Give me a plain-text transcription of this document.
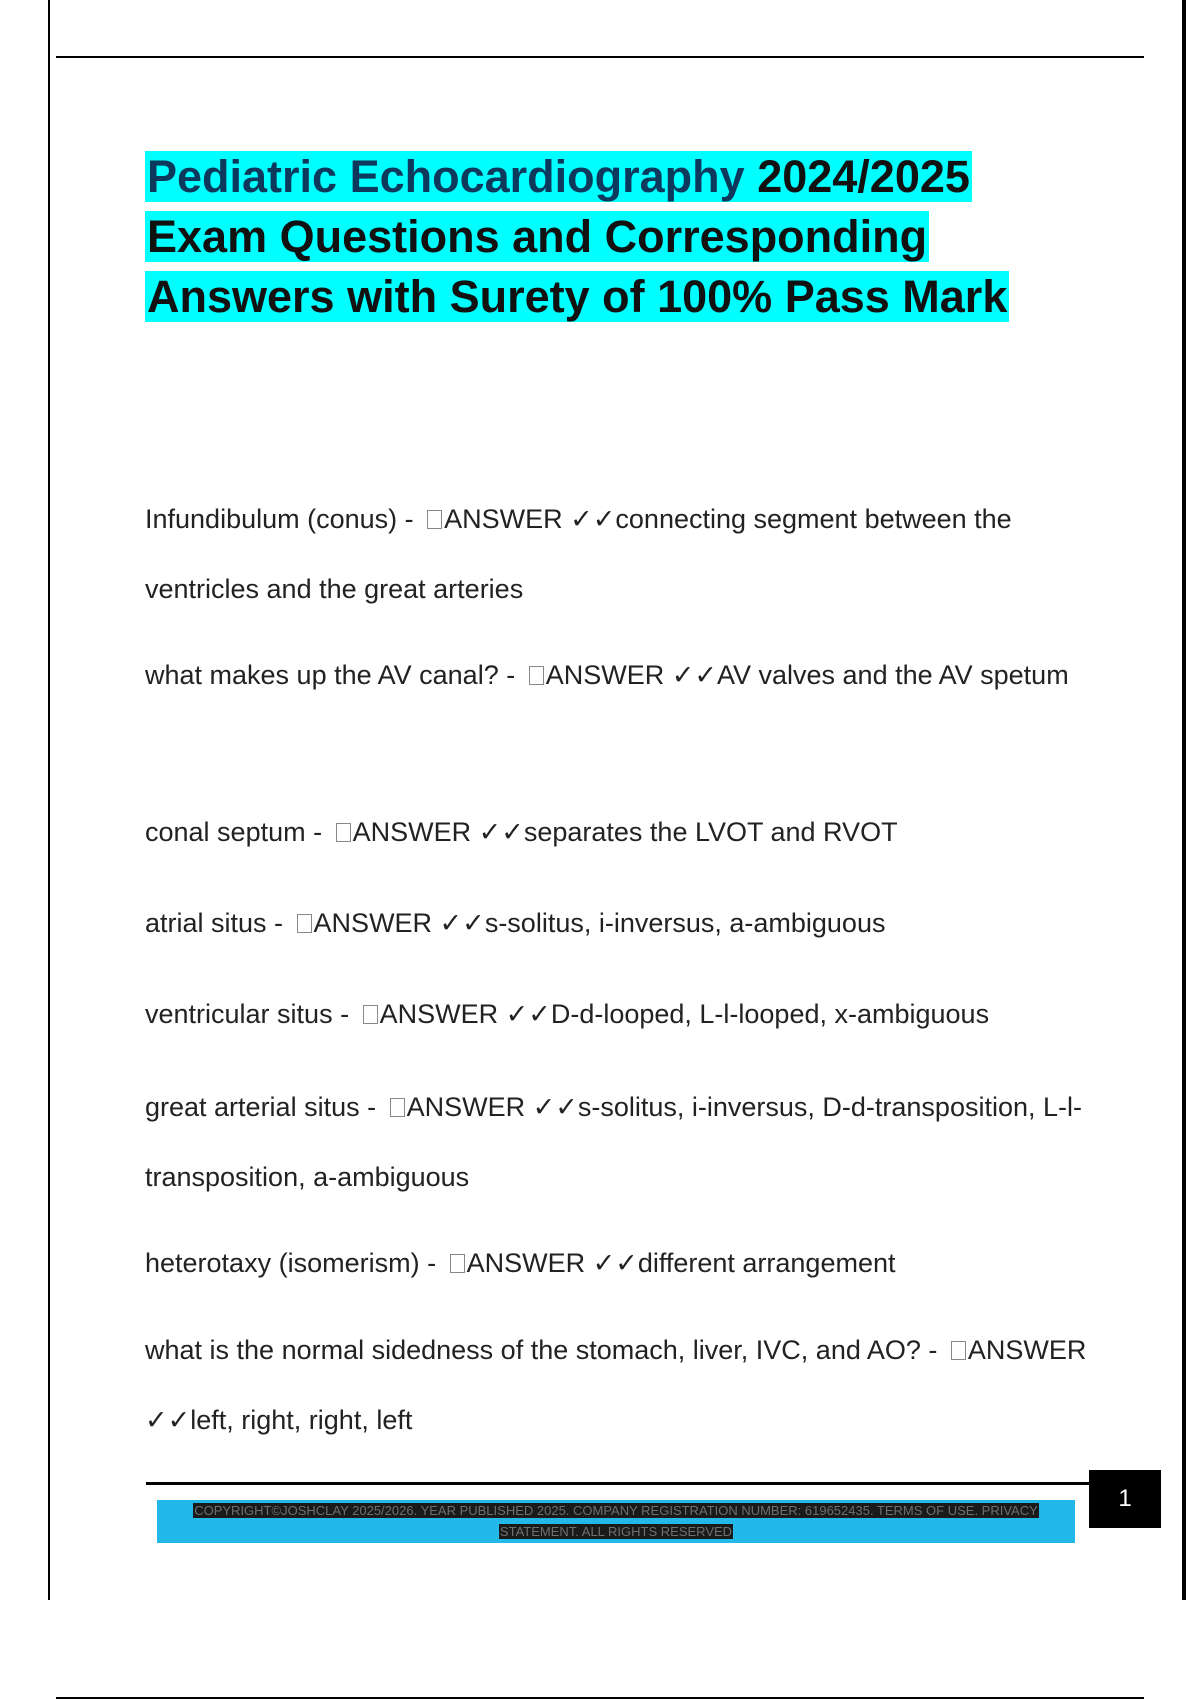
Pediatric Echocardiography 2024/2025
Exam Questions and Corresponding
Answers with Surety of 100% Pass Mark

Infundibulum (conus) - ANSWER ✓✓connecting segment between the ventricles and the great arteries

what makes up the AV canal? - ANSWER ✓✓AV valves and the AV spetum

conal septum - ANSWER ✓✓separates the LVOT and RVOT

atrial situs - ANSWER ✓✓s-solitus, i-inversus, a-ambiguous

ventricular situs - ANSWER ✓✓D-d-looped, L-l-looped, x-ambiguous

great arterial situs - ANSWER ✓✓s-solitus, i-inversus, D-d-transposition, L-l-transposition, a-ambiguous

heterotaxy (isomerism) - ANSWER ✓✓different arrangement

what is the normal sidedness of the stomach, liver, IVC, and AO? - ANSWER ✓✓left, right, right, left

COPYRIGHT©JOSHCLAY 2025/2026. YEAR PUBLISHED 2025. COMPANY REGISTRATION NUMBER: 619652435. TERMS OF USE. PRIVACY
STATEMENT. ALL RIGHTS RESERVED
1
